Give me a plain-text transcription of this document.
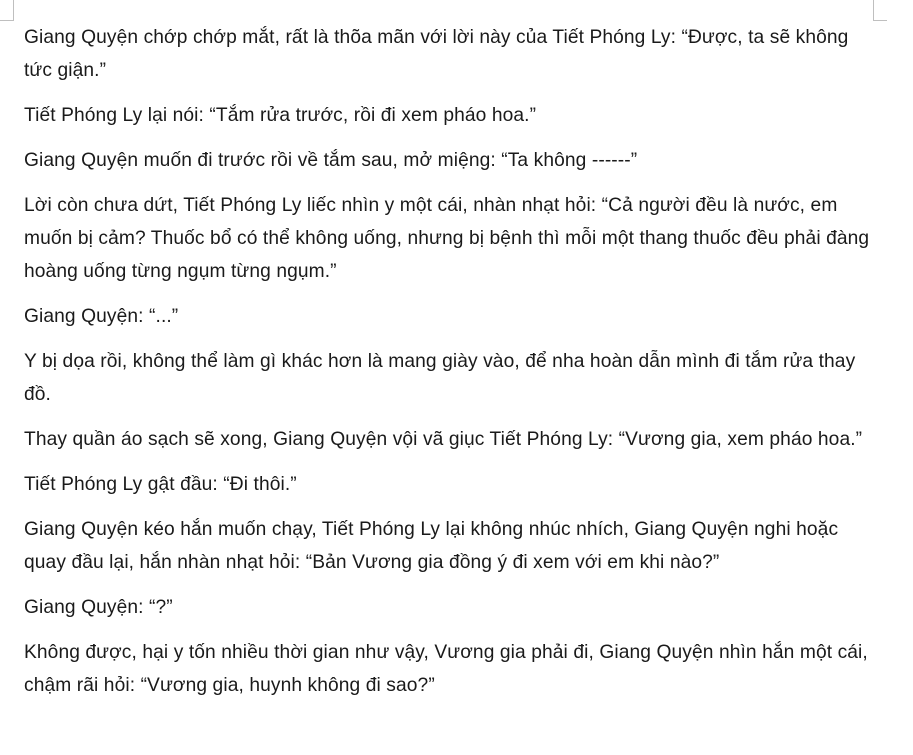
Giang Quyện chớp chớp mắt, rất là thõa mãn với lời này của Tiết Phóng Ly: “Được, ta sẽ không tức giận.”

Tiết Phóng Ly lại nói: “Tắm rửa trước, rồi đi xem pháo hoa.”

Giang Quyện muốn đi trước rồi về tắm sau, mở miệng: “Ta không ------”

Lời còn chưa dứt, Tiết Phóng Ly liếc nhìn y một cái, nhàn nhạt hỏi: “Cả người đều là nước, em muốn bị cảm? Thuốc bổ có thể không uống, nhưng bị bệnh thì mỗi một thang thuốc đều phải đàng hoàng uống từng ngụm từng ngụm.”

Giang Quyện: “...”

Y bị dọa rồi, không thể làm gì khác hơn là mang giày vào, để nha hoàn dẫn mình đi tắm rửa thay đồ.

Thay quần áo sạch sẽ xong, Giang Quyện vội vã giục Tiết Phóng Ly: “Vương gia, xem pháo hoa.”

Tiết Phóng Ly gật đầu: “Đi thôi.”

Giang Quyện kéo hắn muốn chạy, Tiết Phóng Ly lại không nhúc nhích, Giang Quyện nghi hoặc quay đầu lại, hắn nhàn nhạt hỏi: “Bản Vương gia đồng ý đi xem với em khi nào?”

Giang Quyện: “?”

Không được, hại y tốn nhiều thời gian như vậy, Vương gia phải đi, Giang Quyện nhìn hắn một cái, chậm rãi hỏi: “Vương gia, huynh không đi sao?”
